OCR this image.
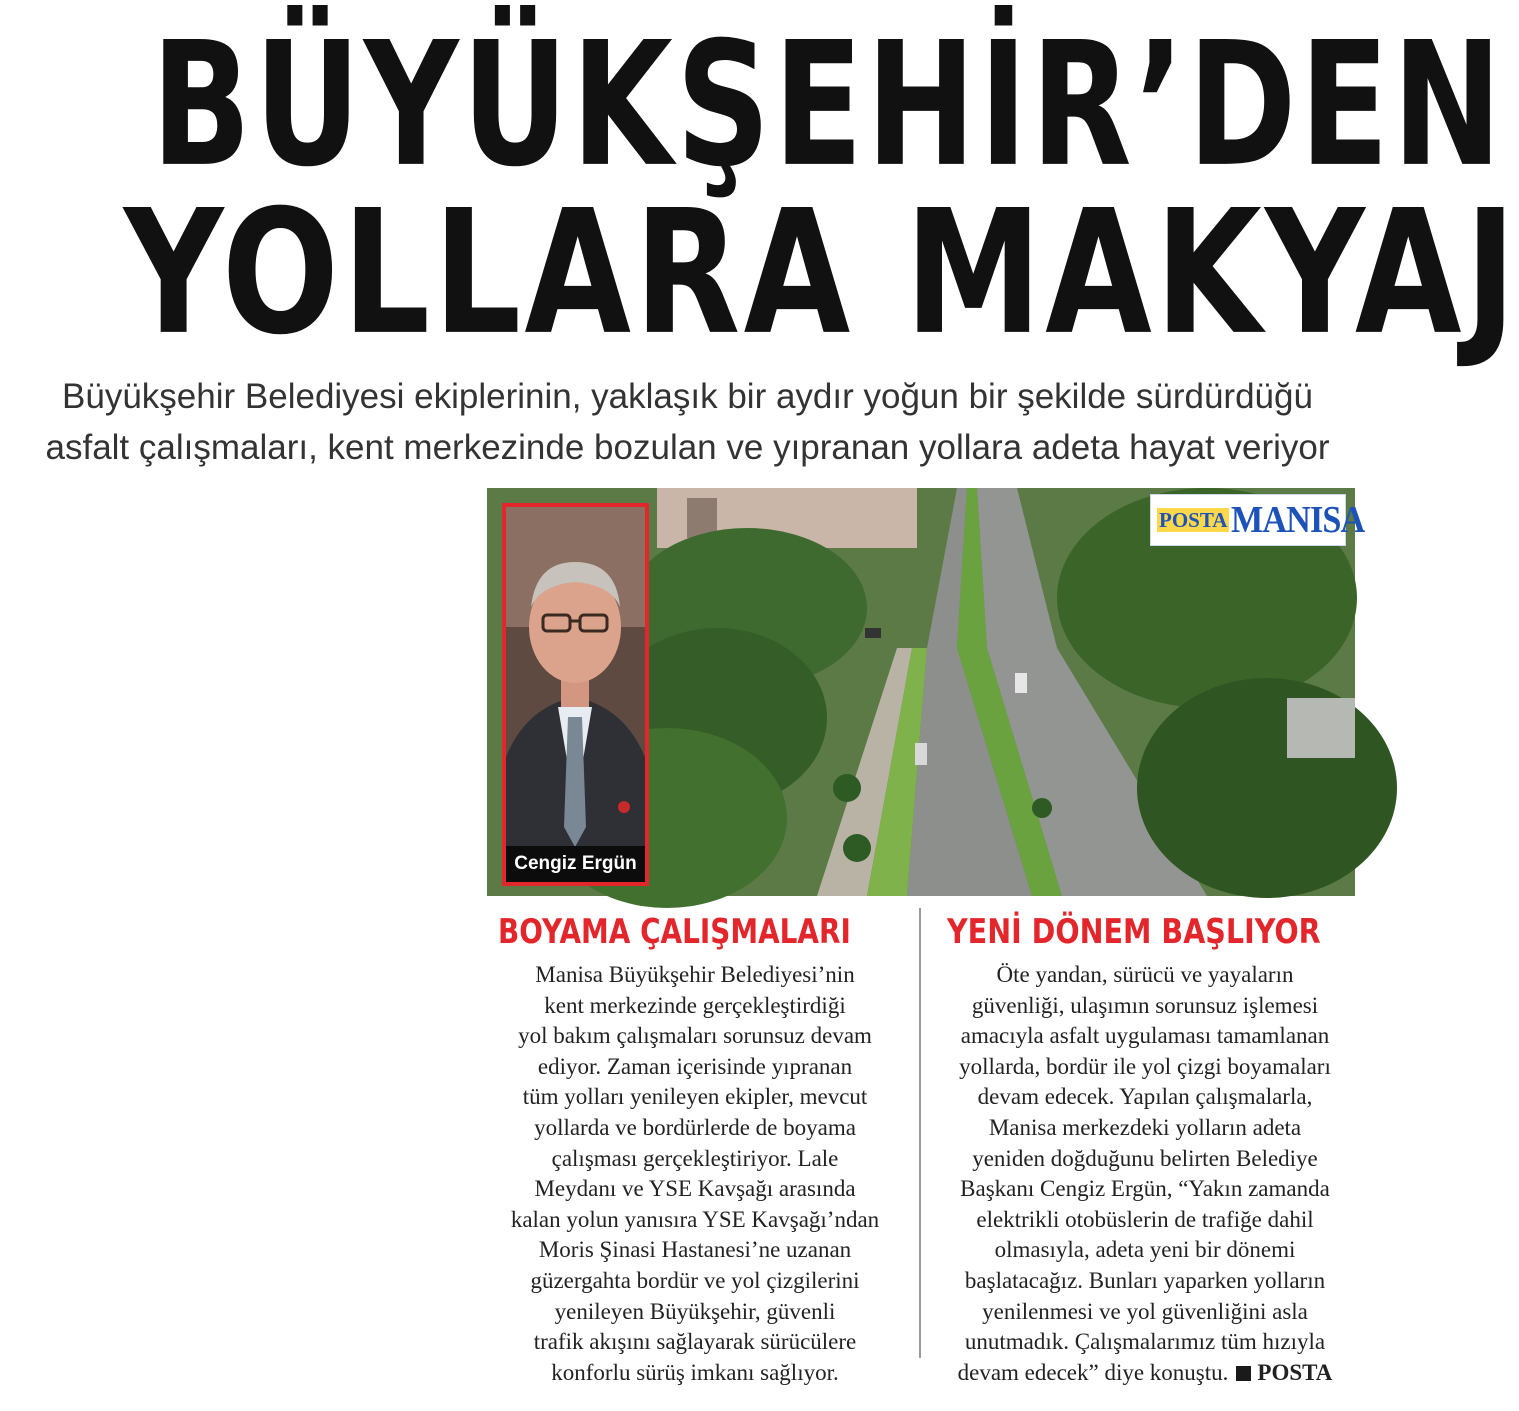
BÜYÜKŞEHİR’DEN
YOLLARA MAKYAJ
Büyükşehir Belediyesi ekiplerinin, yaklaşık bir aydır yoğun bir şekilde sürdürdüğü
asfalt çalışmaları, kent merkezinde bozulan ve yıpranan yollara adeta hayat veriyor
Cengiz Ergün
POSTA MANISA
BOYAMA ÇALIŞMALARI	YENİ DÖNEM BAŞLIYOR
Manisa Büyükşehir Belediyesi’nin
kent merkezinde gerçekleştirdiği
yol bakım çalışmaları sorunsuz devam
ediyor. Zaman içerisinde yıpranan
tüm yolları yenileyen ekipler, mevcut
yollarda ve bordürlerde de boyama
çalışması gerçekleştiriyor. Lale
Meydanı ve YSE Kavşağı arasında
kalan yolun yanısıra YSE Kavşağı’ndan
Moris Şinasi Hastanesi’ne uzanan
güzergahta bordür ve yol çizgilerini
yenileyen Büyükşehir, güvenli
trafik akışını sağlayarak sürücülere
konforlu sürüş imkanı sağlıyor.
Öte yandan, sürücü ve yayaların
güvenliği, ulaşımın sorunsuz işlemesi
amacıyla asfalt uygulaması tamamlanan
yollarda, bordür ile yol çizgi boyamaları
devam edecek. Yapılan çalışmalarla,
Manisa merkezdeki yolların adeta
yeniden doğduğunu belirten Belediye
Başkanı Cengiz Ergün, “Yakın zamanda
elektrikli otobüslerin de trafiğe dahil
olmasıyla, adeta yeni bir dönemi
başlatacağız. Bunları yaparken yolların
yenilenmesi ve yol güvenliğini asla
unutmadık. Çalışmalarımız tüm hızıyla
devam edecek” diye konuştu. POSTA
